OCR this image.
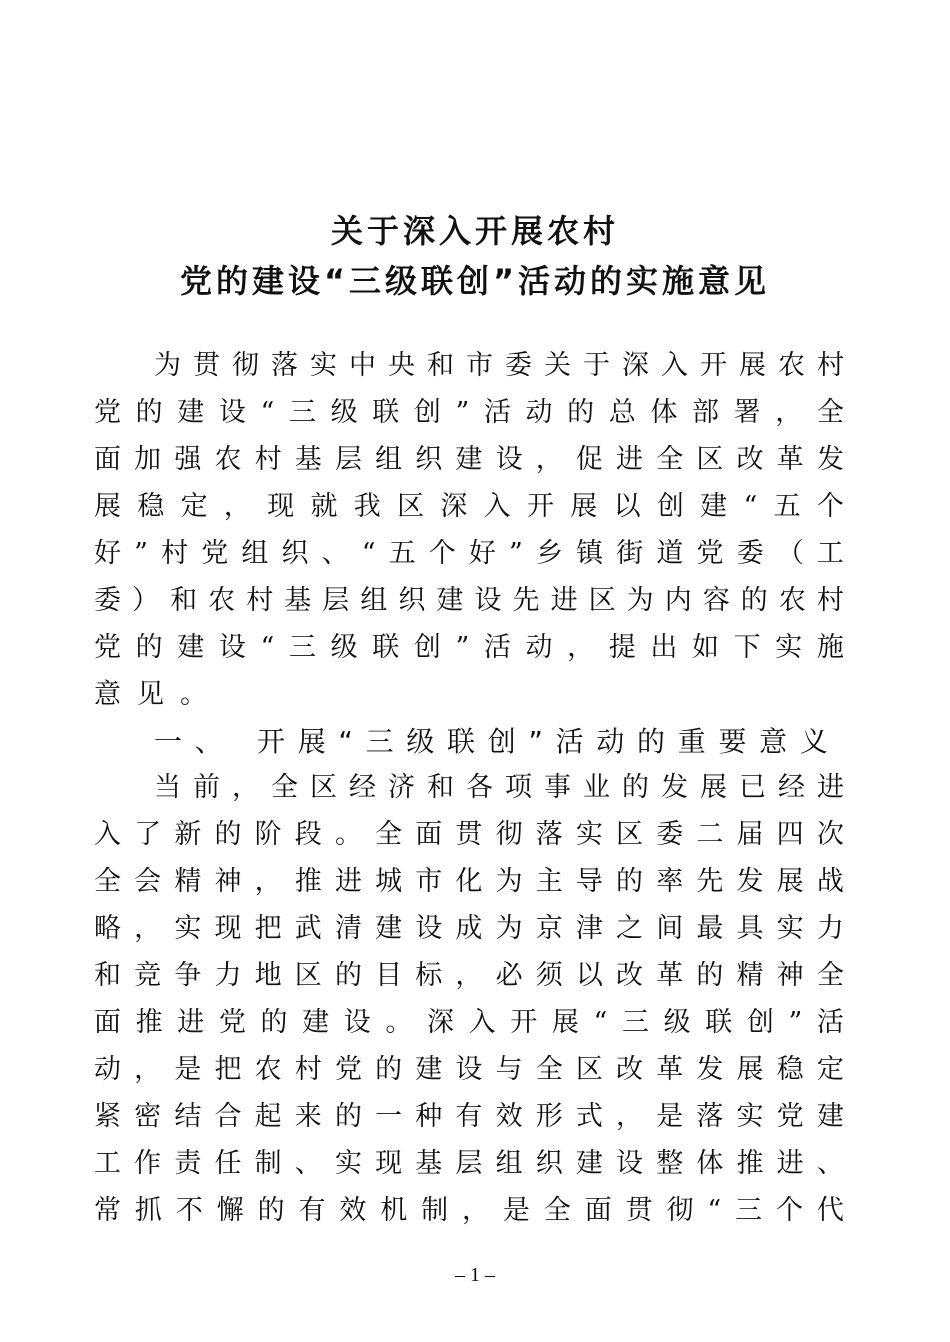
关于深入开展农村
党的建设“三级联创”活动的实施意见
为 贯 彻 落 实 中 央 和 市 委 关 于 深 入 开 展 农 村
党 的 建 设 “ 三 级 联 创 ” 活 动 的 总 体 部 署 ， 全
面 加 强 农 村 基 层 组 织 建 设 ， 促 进 全 区 改 革 发
展 稳 定 ， 现 就 我 区 深 入 开 展 以 创 建 “ 五 个
好 ” 村 党 组 织 、 “ 五 个 好 ” 乡 镇 街 道 党 委 （ 工
委 ） 和 农 村 基 层 组 织 建 设 先 进 区 为 内 容 的 农 村
党 的 建 设 “ 三 级 联 创 ” 活 动 ， 提 出 如 下 实 施
意 见 。
一 、
开 展 “ 三 级 联 创 ” 活 动 的 重 要 意 义
当 前 ， 全 区 经 济 和 各 项 事 业 的 发 展 已 经 进
入 了 新 的 阶 段 。 全 面 贯 彻 落 实 区 委 二 届 四 次
全 会 精 神 ， 推 进 城 市 化 为 主 导 的 率 先 发 展 战
略 ， 实 现 把 武 清 建 设 成 为 京 津 之 间 最 具 实 力
和 竞 争 力 地 区 的 目 标 ， 必 须 以 改 革 的 精 神 全
面 推 进 党 的 建 设 。 深 入 开 展 “ 三 级 联 创 ” 活
动 ， 是 把 农 村 党 的 建 设 与 全 区 改 革 发 展 稳 定
紧 密 结 合 起 来 的 一 种 有 效 形 式 ， 是 落 实 党 建
工 作 责 任 制 、 实 现 基 层 组 织 建 设 整 体 推 进 、
常 抓 不 懈 的 有 效 机 制 ， 是 全 面 贯 彻 “ 三 个 代
– 1 –
